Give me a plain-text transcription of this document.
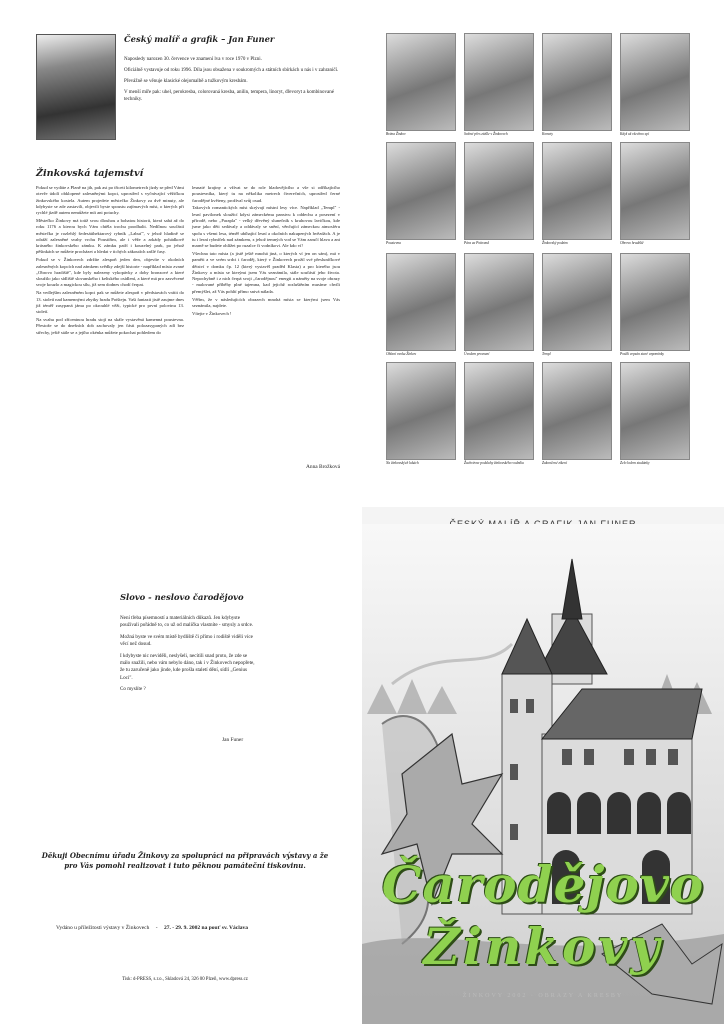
Český malíř a grafik – Jan Funer

Naposledy narozen 30. července ve znamení lva v roce 1970 v Plzni.

Oficiálně vystavuje od roku 1996. Díla jsou obsažena v soukromých a státních sbírkách u nás i v zahraničí.

Převážně se věnuje klasické olejomalbě a tužkovým kresbám.

V menší míře pak: uhel, perokresba, colorovaná kresba, anilin, tempera, linoryt, dřevoryt a kombinované techniky.

Žinkovská tajemství

Pokud se vydáte z Plzně na jih, pak asi po třiceti kilometrech jízdy se před Vámi otevře údolí obklopené zalesněnými kopci, uprostřed s vyčnívající věžičkou žinkovského kostela. Autem projedete městečko Žinkovy za dvě minuty, ale kdybyste se zde zastavili, objevili byste spoustu zajímavých míst, o kterých při rychlé jízdě autem nemůžete mít ani potuchy.

Městečko Žinkovy má totiž svou dlouhou a bohatou historii, která sahá až do roku 1176 a kterou bych Vám chtěla trochu poodhalit. Nedílnou součástí městečka je rozlehlý šedesátihektarový rybník „Labuť", v jehož hladině se odráží zalesněné svahy vrchu Poustiřim, ale i věže a arkády pohádkově krásného žinkovského zámku. K zámku patří i kouzelný park, po jehož pěšinkách se můžete procházet a hledat v tichých zákoutích zašlé časy.

Pokud se v Žinkovech zdržíte alespoň jeden den, objevíte v okolních zalesněných kopcích nad zámkem svědky zdejší historie - například místo zvané „Obrovo hradiště", kde byly nalezeny vykopávky z doby bronzové a které sloužilo jako sídliště slovanského i keltského osídlení, a které má pro zasvěcené svoje kouzlo a magickou sílu, již sem dodnes chodí čerpat.

Na vedlejším zalesněném kopci pak se můžete alespoň v představách vrátit do 13. století nad kamennými zbytky hradu Potštejn. Vaši fantazii jistě zaujme dnes již téměř zasypaná jáma po okrouhlé věži, typické pro první polovinu 13. století.

Na svahu pod zříceninou hradu stojí na skále vystavěná kamenná poustevna. Přestože se do dnešních dob zachovaly jen části polozasypaných zdí bez střechy, ještě stále se z jejího okénka můžete pokochat pohledem do

lesnaté krajiny a vžívat se do role hladovějícího a vše si odříkajícího poustevníka, který tu na několika metrech čtverečních, uprostřed černé čarodějné květeny, prožíval svůj osud.

Takových romantických míst skrývají místní lesy více. Například „Templ" - lesní pavilonek sloužící kdysi zámeckému panstvu k oddechu a posezení v přírodě, nebo „Parapla" - velký dřevěný slunečník s kruhovou lavičkou, kde jsme jako děti sedávaly a oddávaly se snění, věnčující zámeckou atmosféru spolu s všemi lesa, téměř ubíhající lesní a okolních nakupených hvězdách. A je tu i lesní rybníček nad zámkem, z jehož temných vod se Vám zaručí hlava a ani marně se budete ohlížet po ruzalce či vodníkovi. Ale kdo ví!

Všechna tato místa (a jistě ještě mnohá jiná, o kterých ví jen on sám), má v paměti a ve svém srdci i čaroděj, který v Žinkovech prožil své přesluníčkové dětství v domku čp. 12 (který vystavěl praděd Klasta) a pro kterého jsou Žinkovy a místa se kterými jsem Vás seznámila, stále součástí jeho života. Nepochybně i z nich čerpá svoji „čarodějnou" energii a náměty na svoje obrazy - malované příběhy plné tajemna, kad jejichž rozluštěním musíme chvíli přemýšlet, až Vás pohltí přímo snivá nálada.

Věřím, že v následujících obrazech mnohá místa se kterými jsem Vás seznámila, najdete.

Vítejte v Žinkovech !

Anna Brožková
Brána Žinkov	Sedmé přes ztášle v Žinkovech	Komety	Když už všechno spí
Poustevna	Pára za Pottrand	Žinkovský podzim	Obrovo hradiště
Oblaní ovoku Žinkov	Úvodem provozní	Templ	Poslík vepsán staré vzpomínky
Na žinkovských lukách	Žachrávne podsluhy žinkovského vodníka	Zakončené zikení	Zelo kolem studánky
Slovo - neslovo čarodějovo

Není třeba písemností a materiálních důkazů. Jen kdybyste používali pořádně to, co už od malička vlastníte - smysly a srdce.

Možná byste ve svém místě bydliště či přímo i rodiště viděli více věcí než dosud.

I kdybyste nic neviděli, neslyšeli, necítili snad proto, že zde se málo snažili, nebo vám nebylo dáno, tak i v Žinkovech nepopřete, že tu zaručeně jako jinde, kde prošla staletí dění, sídlí „Genius Loci".

Co myslíte ?

Jan Funer
Děkuji Obecnímu úřadu Žinkovy za spolupráci na připravách výstavy a že pro Vás pomohl realizovat i tuto pěknou památeční tiskovinu.
Vydáno u příležitosti výstavy v Žinkovech - 27. - 29. 9. 2002 na pouť sv. Václava
Tisk: d-PRESS, s.r.o., Skladová 24, 326 00 Plzeň, www.dpress.cz
Čarodějovo
Žinkovy
ŽINKOVY 2002 · OBRAZY A KRESBY
